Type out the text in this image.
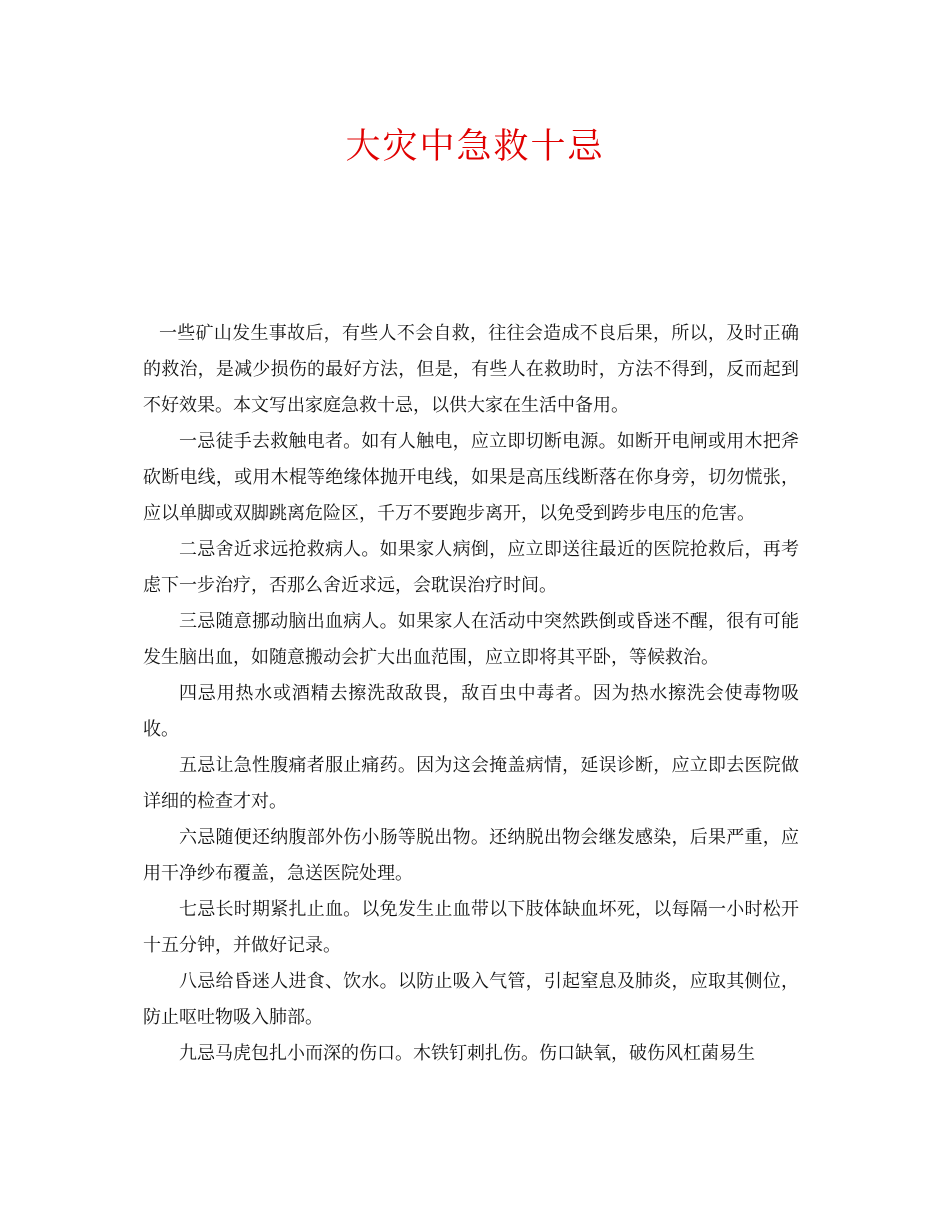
大灾中急救十忌

一些矿山发生事故后，有些人不会自救，往往会造成不良后果，所以，及时正确的救治，是减少损伤的最好方法，但是，有些人在救助时，方法不得到，反而起到不好效果。本文写出家庭急救十忌，以供大家在生活中备用。

一忌徒手去救触电者。如有人触电，应立即切断电源。如断开电闸或用木把斧砍断电线，或用木棍等绝缘体抛开电线，如果是高压线断落在你身旁，切勿慌张，应以单脚或双脚跳离危险区，千万不要跑步离开，以免受到跨步电压的危害。

二忌舍近求远抢救病人。如果家人病倒，应立即送往最近的医院抢救后，再考虑下一步治疗，否那么舍近求远，会耽误治疗时间。

三忌随意挪动脑出血病人。如果家人在活动中突然跌倒或昏迷不醒，很有可能发生脑出血，如随意搬动会扩大出血范围，应立即将其平卧，等候救治。

四忌用热水或酒精去擦洗敌敌畏，敌百虫中毒者。因为热水擦洗会使毒物吸收。

五忌让急性腹痛者服止痛药。因为这会掩盖病情，延误诊断，应立即去医院做详细的检查才对。

六忌随便还纳腹部外伤小肠等脱出物。还纳脱出物会继发感染，后果严重，应用干净纱布覆盖，急送医院处理。

七忌长时期紧扎止血。以免发生止血带以下肢体缺血坏死，以每隔一小时松开十五分钟，并做好记录。

八忌给昏迷人进食、饮水。以防止吸入气管，引起窒息及肺炎，应取其侧位，防止呕吐物吸入肺部。

九忌马虎包扎小而深的伤口。木铁钉刺扎伤。伤口缺氧，破伤风杠菌易生
